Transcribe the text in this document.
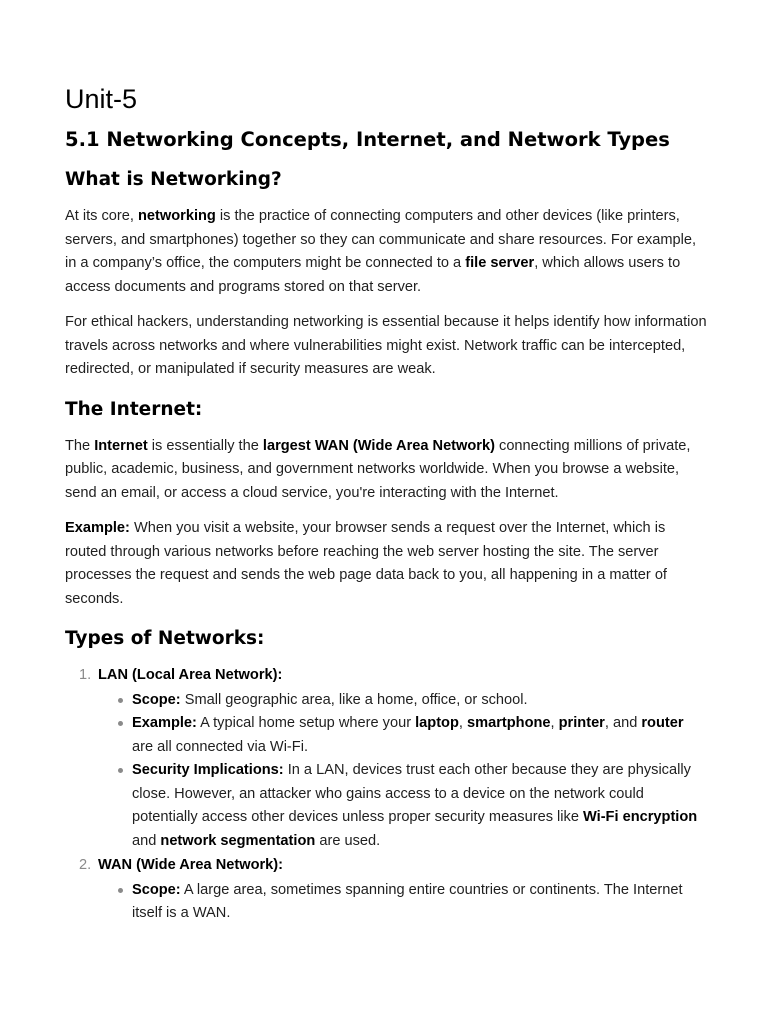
Unit-5
5.1 Networking Concepts, Internet, and Network Types
What is Networking?

At its core, networking is the practice of connecting computers and other devices (like printers, servers, and smartphones) together so they can communicate and share resources. For example, in a company’s office, the computers might be connected to a file server, which allows users to access documents and programs stored on that server.

For ethical hackers, understanding networking is essential because it helps identify how information travels across networks and where vulnerabilities might exist. Network traffic can be intercepted, redirected, or manipulated if security measures are weak.

The Internet:

The Internet is essentially the largest WAN (Wide Area Network) connecting millions of private, public, academic, business, and government networks worldwide. When you browse a website, send an email, or access a cloud service, you're interacting with the Internet.

Example: When you visit a website, your browser sends a request over the Internet, which is routed through various networks before reaching the web server hosting the site. The server processes the request and sends the web page data back to you, all happening in a matter of seconds.

Types of Networks:
1. LAN (Local Area Network):
Scope: Small geographic area, like a home, office, or school.
Example: A typical home setup where your laptop, smartphone, printer, and router are all connected via Wi-Fi.
Security Implications: In a LAN, devices trust each other because they are physically close. However, an attacker who gains access to a device on the network could potentially access other devices unless proper security measures like Wi-Fi encryption and network segmentation are used.
2. WAN (Wide Area Network):
Scope: A large area, sometimes spanning entire countries or continents. The Internet itself is a WAN.
